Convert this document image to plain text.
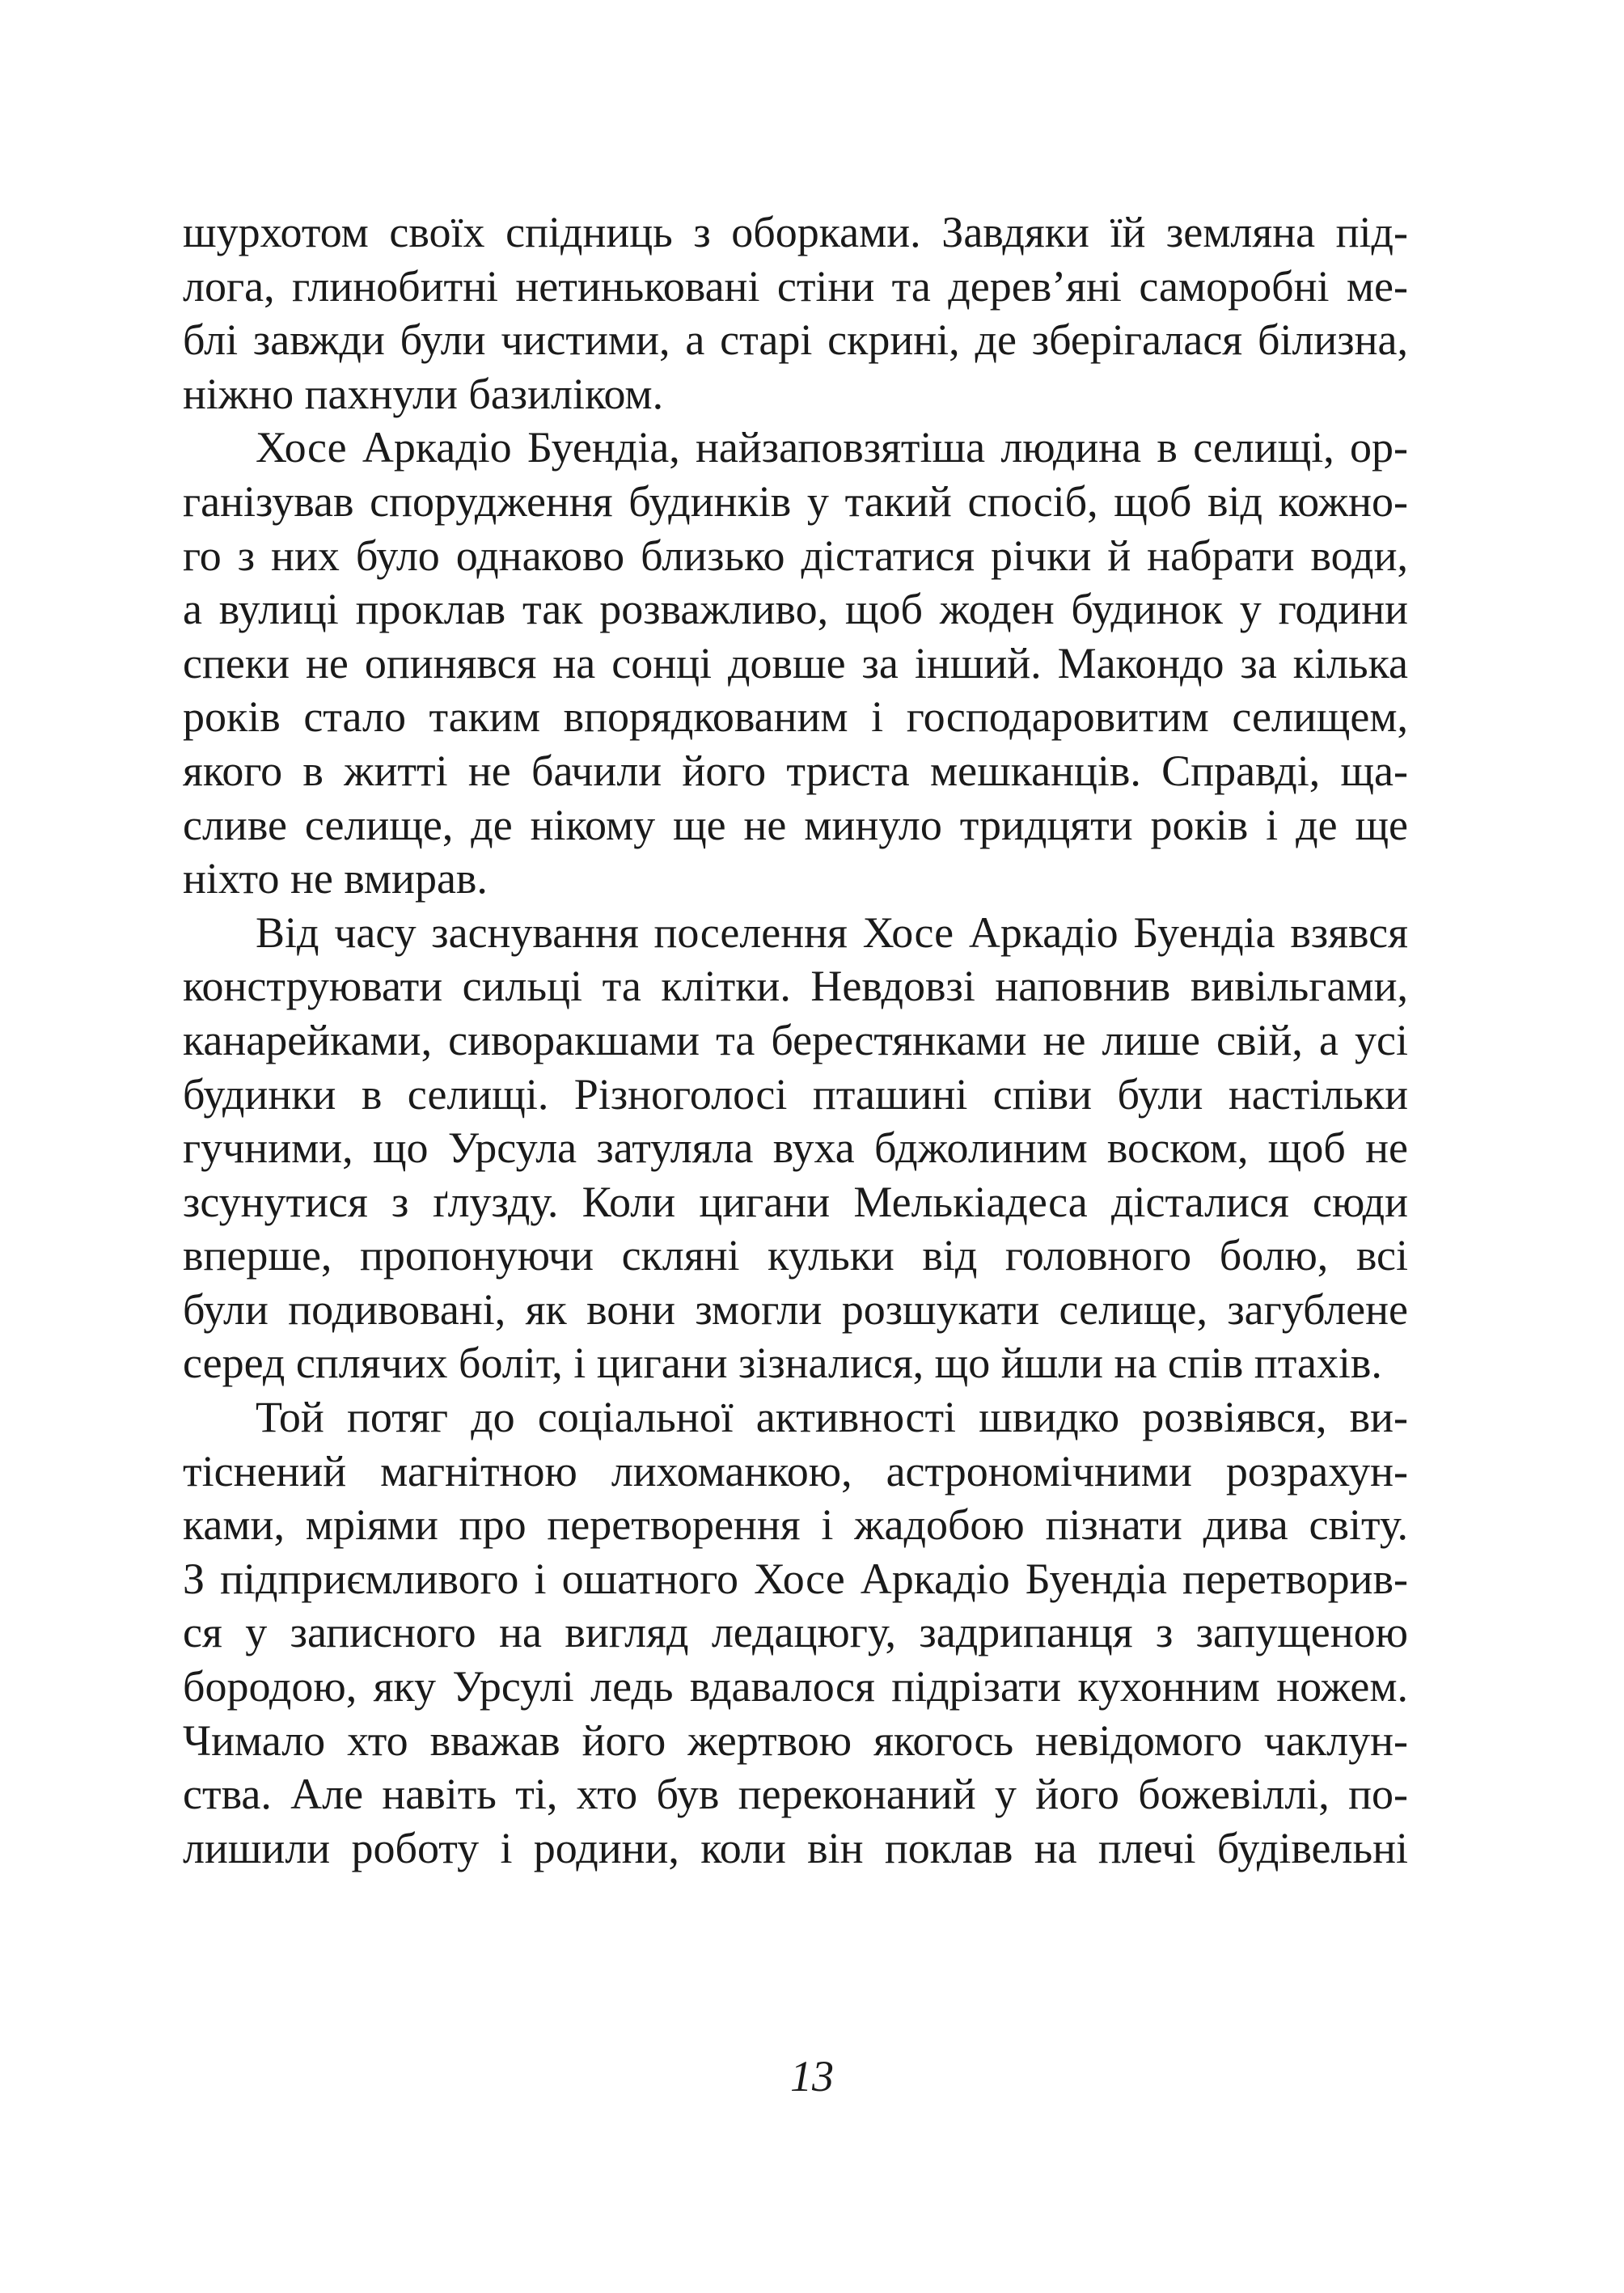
шурхотом своїх спідниць з оборками. Завдяки їй земляна під-
лога, глинобитні нетиньковані стіни та дерев’яні саморобні ме-
блі завжди були чистими, а старі скрині, де зберігалася білизна,
ніжно пахнули базиліком.
Хосе Аркадіо Буендіа, найзаповзятіша людина в селищі, ор-
ганізував спорудження будинків у такий спосіб, щоб від кожно-
го з них було однаково близько дістатися річки й набрати води,
а вулиці проклав так розважливо, щоб жоден будинок у години
спеки не опинявся на сонці довше за інший. Макондо за кілька
років стало таким впорядкованим і господаровитим селищем,
якого в житті не бачили його триста мешканців. Справді, ща-
сливе селище, де нікому ще не минуло тридцяти років і де ще
ніхто не вмирав.
Від часу заснування поселення Хосе Аркадіо Буендіа взявся
конструювати сильці та клітки. Невдовзі наповнив вивільгами,
канарейками, сиворакшами та берестянками не лише свій, а усі
будинки в селищі. Різноголосі пташині співи були настільки
гучними, що Урсула затуляла вуха бджолиним воском, щоб не
зсунутися з ґлузду. Коли цигани Мелькіадеса дісталися сюди
вперше, пропонуючи скляні кульки від головного болю, всі
були подивовані, як вони змогли розшукати селище, загублене
серед сплячих боліт, і цигани зізналися, що йшли на спів птахів.
Той потяг до соціальної активності швидко розвіявся, ви-
тіснений магнітною лихоманкою, астрономічними розрахун-
ками, мріями про перетворення і жадобою пізнати дива світу.
З підприємливого і ошатного Хосе Аркадіо Буендіа перетворив-
ся у записного на вигляд ледацюгу, задрипанця з запущеною
бородою, яку Урсулі ледь вдавалося підрізати кухонним ножем.
Чимало хто вважав його жертвою якогось невідомого чаклун-
ства. Але навіть ті, хто був переконаний у його божевіллі, по-
лишили роботу і родини, коли він поклав на плечі будівельні
13
